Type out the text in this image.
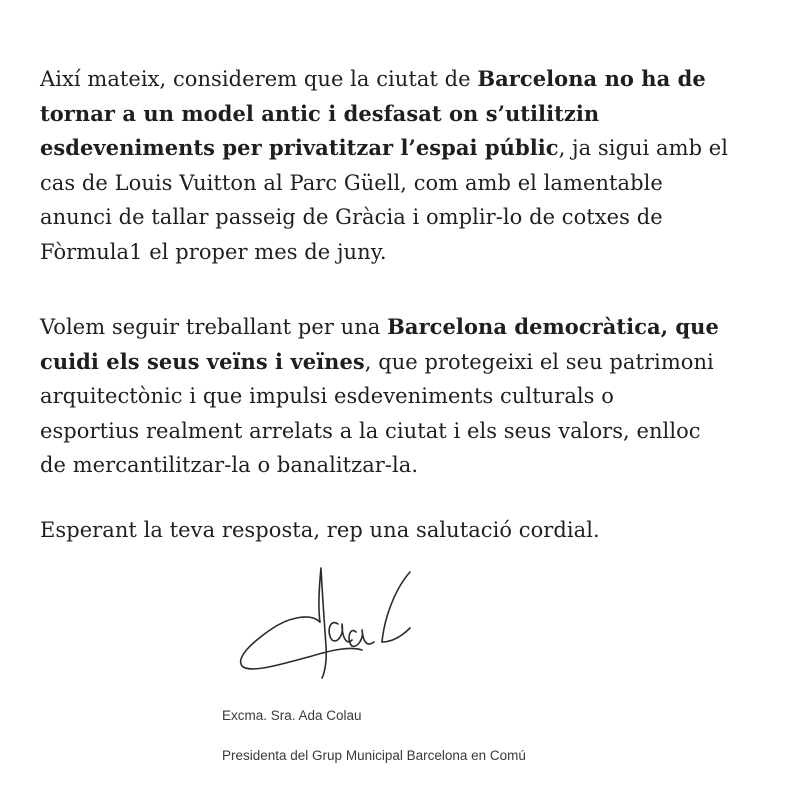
Així mateix, considerem que la ciutat de Barcelona no ha de
tornar a un model antic i desfasat on s’utilitzin
esdeveniments per privatitzar l’espai públic, ja sigui amb el
cas de Louis Vuitton al Parc Güell, com amb el lamentable
anunci de tallar passeig de Gràcia i omplir-lo de cotxes de
Fòrmula1 el proper mes de juny.

Volem seguir treballant per una Barcelona democràtica, que
cuidi els seus veïns i veïnes, que protegeixi el seu patrimoni
arquitectònic i que impulsi esdeveniments culturals o
esportius realment arrelats a la ciutat i els seus valors, enlloc
de mercantilitzar-la o banalitzar-la.

Esperant la teva resposta, rep una salutació cordial.

Excma. Sra. Ada Colau
Presidenta del Grup Municipal Barcelona en Comú
